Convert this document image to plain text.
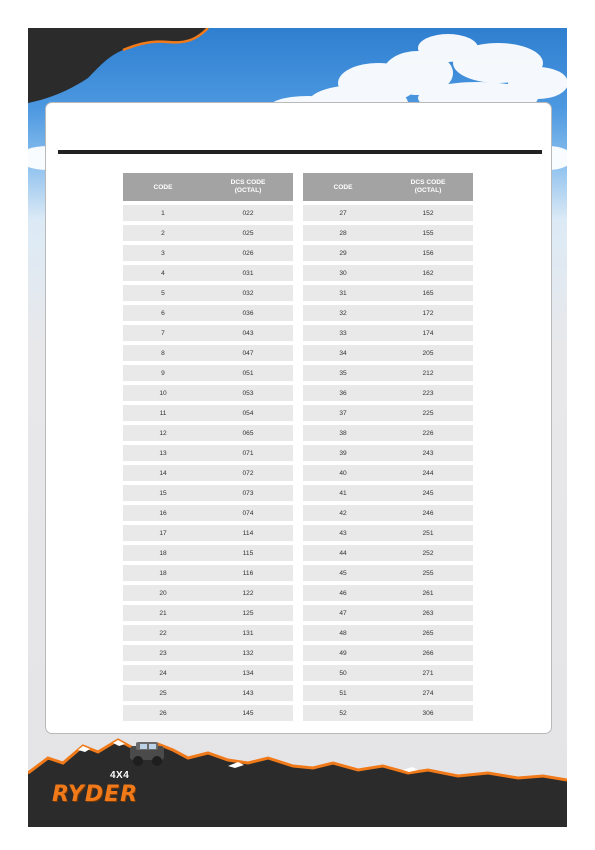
CODE
DCS CODE
(OCTAL)
1	022
2	025
3	026
4	031
5	032
6	036
7	043
8	047
9	051
10	053
11	054
12	065
13	071
14	072
15	073
16	074
17	114
18	115
18	116
20	122
21	125
22	131
23	132
24	134
25	143
26	145
CODE
DCS CODE
(OCTAL)
27	152
28	155
29	156
30	162
31	165
32	172
33	174
34	205
35	212
36	223
37	225
38	226
39	243
40	244
41	245
42	246
43	251
44	252
45	255
46	261
47	263
48	265
49	266
50	271
51	274
52	306
4X4
RYDER
